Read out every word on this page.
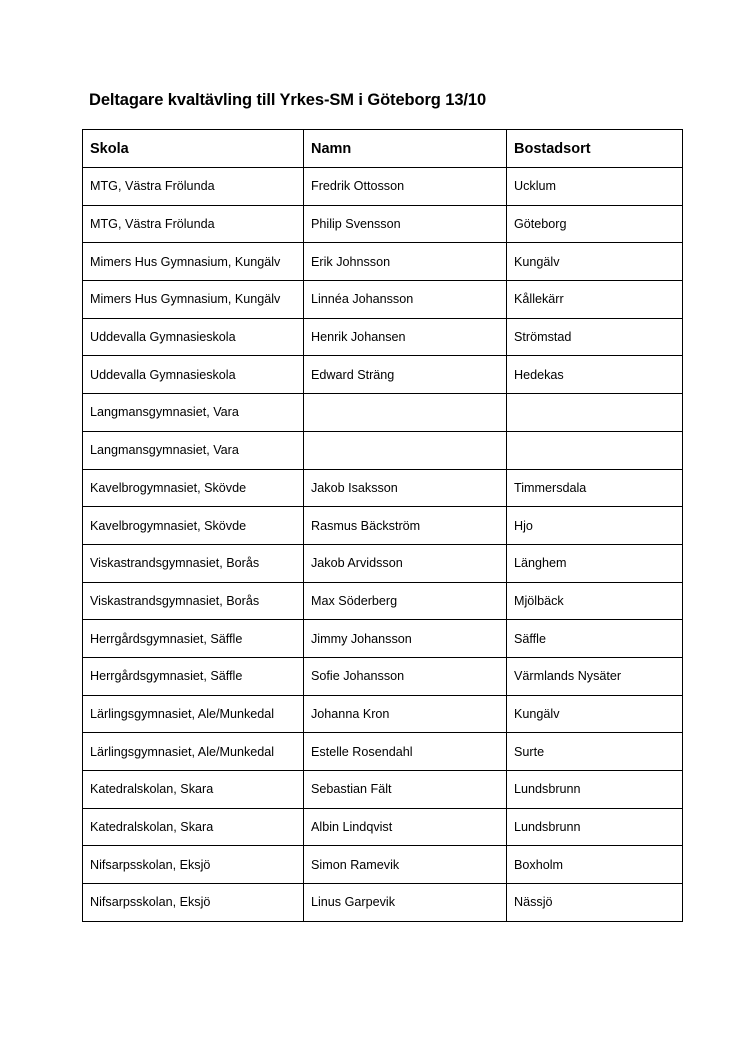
Deltagare kvaltävling till Yrkes-SM i Göteborg 13/10
Skola	Namn	Bostadsort
MTG, Västra Frölunda	Fredrik Ottosson	Ucklum
MTG, Västra Frölunda	Philip Svensson	Göteborg
Mimers Hus Gymnasium, Kungälv	Erik Johnsson	Kungälv
Mimers Hus Gymnasium, Kungälv	Linnéa Johansson	Kållekärr
Uddevalla Gymnasieskola	Henrik Johansen	Strömstad
Uddevalla Gymnasieskola	Edward Sträng	Hedekas
Langmansgymnasiet, Vara		
Langmansgymnasiet, Vara		
Kavelbrogymnasiet, Skövde	Jakob Isaksson	Timmersdala
Kavelbrogymnasiet, Skövde	Rasmus Bäckström	Hjo
Viskastrandsgymnasiet, Borås	Jakob Arvidsson	Länghem
Viskastrandsgymnasiet, Borås	Max Söderberg	Mjölbäck
Herrgårdsgymnasiet, Säffle	Jimmy Johansson	Säffle
Herrgårdsgymnasiet, Säffle	Sofie Johansson	Värmlands Nysäter
Lärlingsgymnasiet, Ale/Munkedal	Johanna Kron	Kungälv
Lärlingsgymnasiet, Ale/Munkedal	Estelle Rosendahl	Surte
Katedralskolan, Skara	Sebastian Fält	Lundsbrunn
Katedralskolan, Skara	Albin Lindqvist	Lundsbrunn
Nifsarpsskolan, Eksjö	Simon Ramevik	Boxholm
Nifsarpsskolan, Eksjö	Linus Garpevik	Nässjö
